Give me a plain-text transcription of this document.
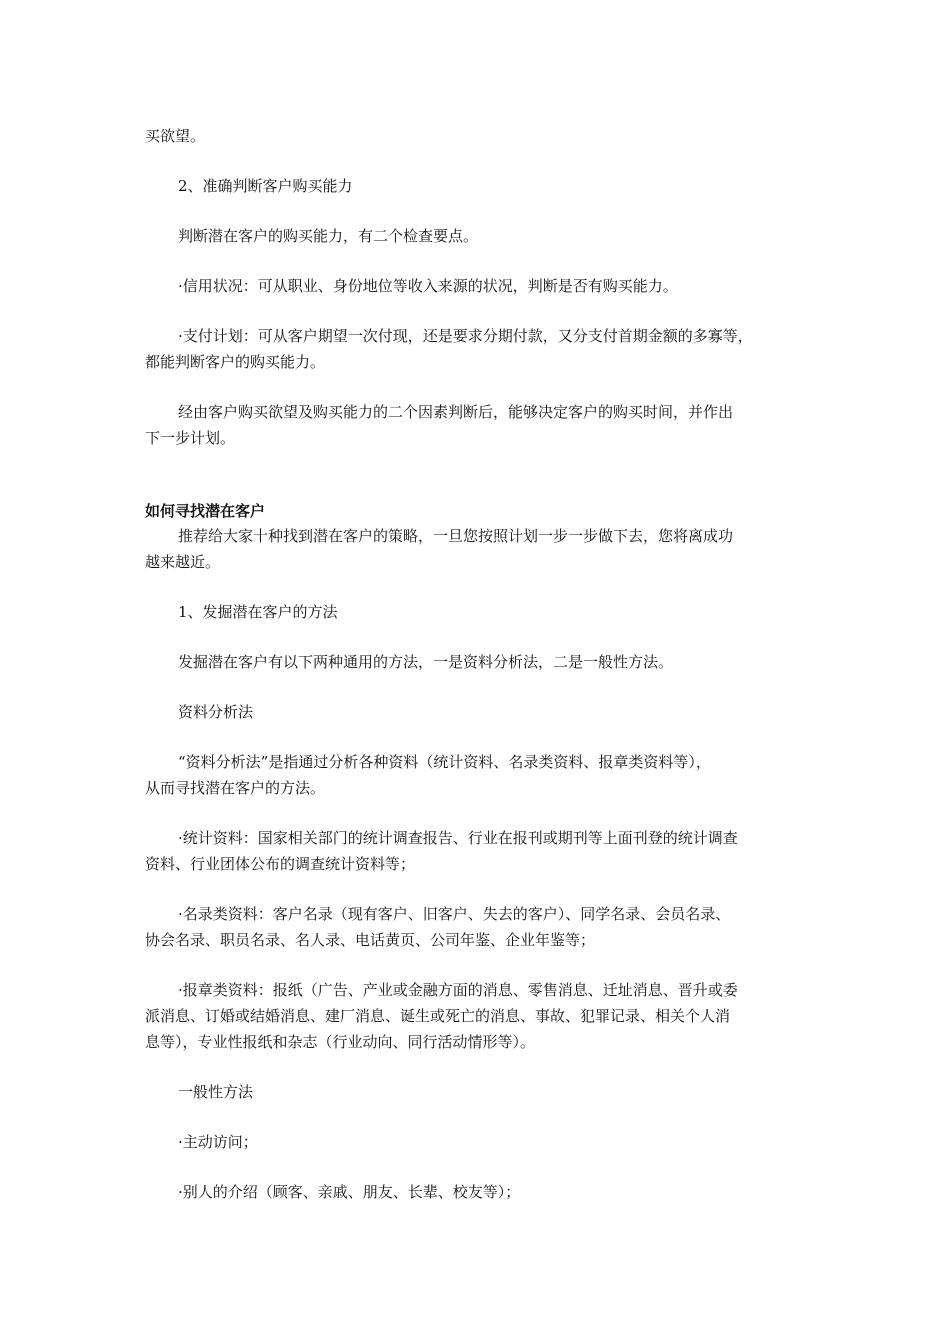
买欲望。

2、准确判断客户购买能力

判断潜在客户的购买能力，有二个检查要点。

·信用状况：可从职业、身份地位等收入来源的状况，判断是否有购买能力。

·支付计划：可从客户期望一次付现，还是要求分期付款，又分支付首期金额的多寡等，

都能判断客户的购买能力。

经由客户购买欲望及购买能力的二个因素判断后，能够决定客户的购买时间，并作出

下一步计划。

如何寻找潜在客户

推荐给大家十种找到潜在客户的策略，一旦您按照计划一步一步做下去，您将离成功

越来越近。

1、发掘潜在客户的方法

发掘潜在客户有以下两种通用的方法，一是资料分析法，二是一般性方法。

资料分析法

“资料分析法”是指通过分析各种资料（统计资料、名录类资料、报章类资料等），

从而寻找潜在客户的方法。

·统计资料：国家相关部门的统计调查报告、行业在报刊或期刊等上面刊登的统计调查

资料、行业团体公布的调查统计资料等；

·名录类资料：客户名录（现有客户、旧客户、失去的客户）、同学名录、会员名录、

协会名录、职员名录、名人录、电话黄页、公司年鉴、企业年鉴等；

·报章类资料：报纸（广告、产业或金融方面的消息、零售消息、迁址消息、晋升或委

派消息、订婚或结婚消息、建厂消息、诞生或死亡的消息、事故、犯罪记录、相关个人消

息等），专业性报纸和杂志（行业动向、同行活动情形等）。

一般性方法

·主动访问；

·别人的介绍（顾客、亲戚、朋友、长辈、校友等）；
